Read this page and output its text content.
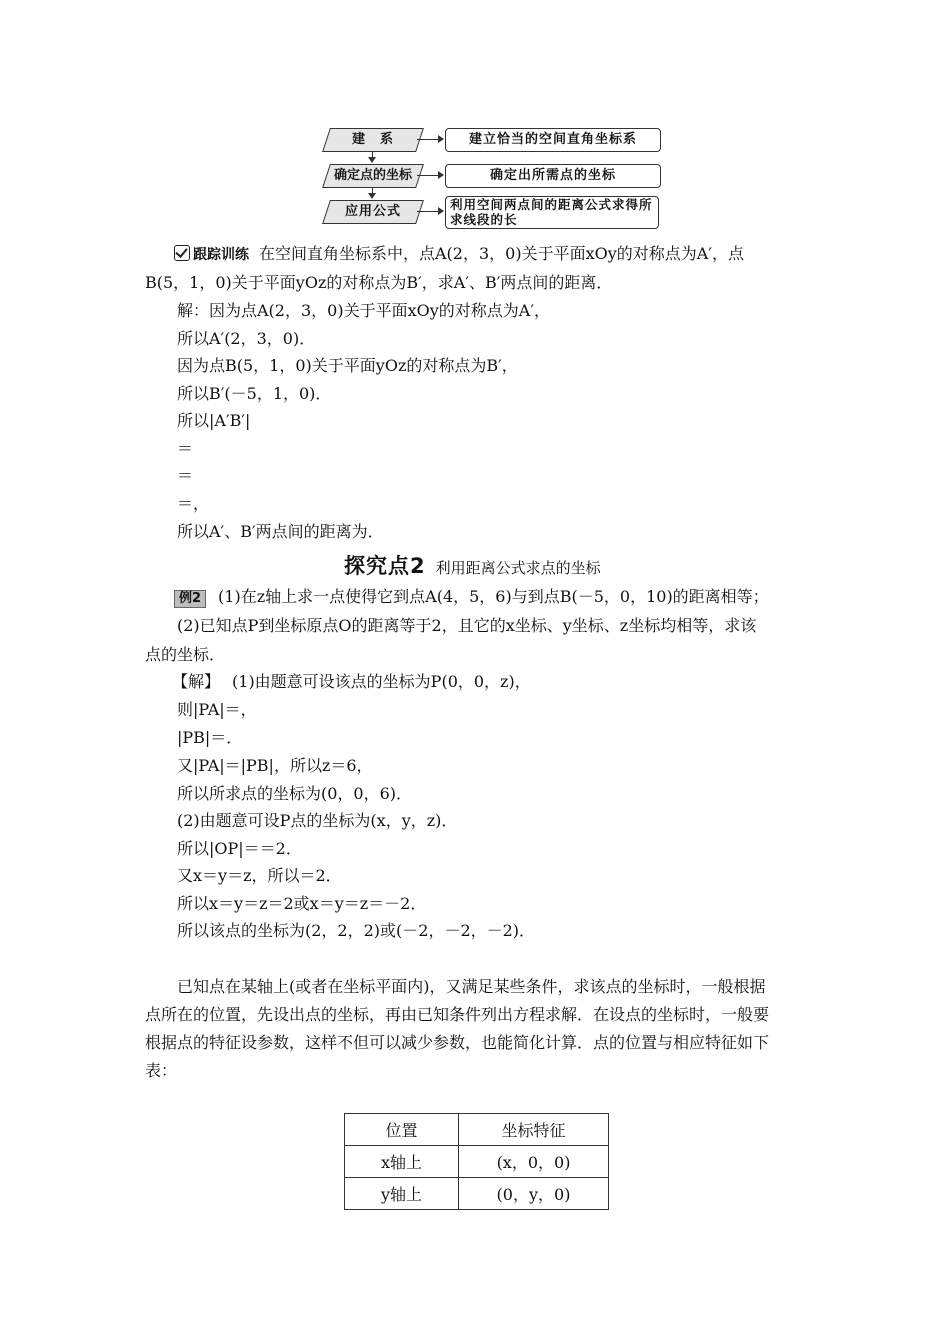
建　系	建立恰当的空间直角坐标系
确定点的坐标	确定出所需点的坐标
应用公式	利用空间两点间的距离公式求得所求线段的长
跟踪训练 在空间直角坐标系中，点A(2，3，0)关于平面xOy的对称点为A′，点
B(5，1，0)关于平面yOz的对称点为B′，求A′、B′两点间的距离．
解：因为点A(2，3，0)关于平面xOy的对称点为A′，
所以A′(2，3，0)．
因为点B(5，1，0)关于平面yOz的对称点为B′，
所以B′(－5，1，0)．
所以|A′B′|
＝
＝
＝，
所以A′、B′两点间的距离为．
探究点2 利用距离公式求点的坐标
例2 (1)在z轴上求一点使得它到点A(4，5，6)与到点B(－5，0，10)的距离相等；
(2)已知点P到坐标原点O的距离等于2，且它的x坐标、y坐标、z坐标均相等，求该
点的坐标．
【解】 (1)由题意可设该点的坐标为P(0，0，z)，
则|PA|＝，
|PB|＝．
又|PA|＝|PB|，所以z＝6，
所以所求点的坐标为(0，0，6)．
(2)由题意可设P点的坐标为(x，y，z)．
所以|OP|＝＝2．
又x＝y＝z，所以＝2．
所以x＝y＝z＝2或x＝y＝z＝－2．
所以该点的坐标为(2，2，2)或(－2，－2，－2)．
已知点在某轴上(或者在坐标平面内)，又满足某些条件，求该点的坐标时，一般根据
点所在的位置，先设出点的坐标，再由已知条件列出方程求解．在设点的坐标时，一般要
根据点的特征设参数，这样不但可以减少参数，也能简化计算．点的位置与相应特征如下
表：
位置	坐标特征
x轴上	(x，0，0)
y轴上	(0，y，0)
